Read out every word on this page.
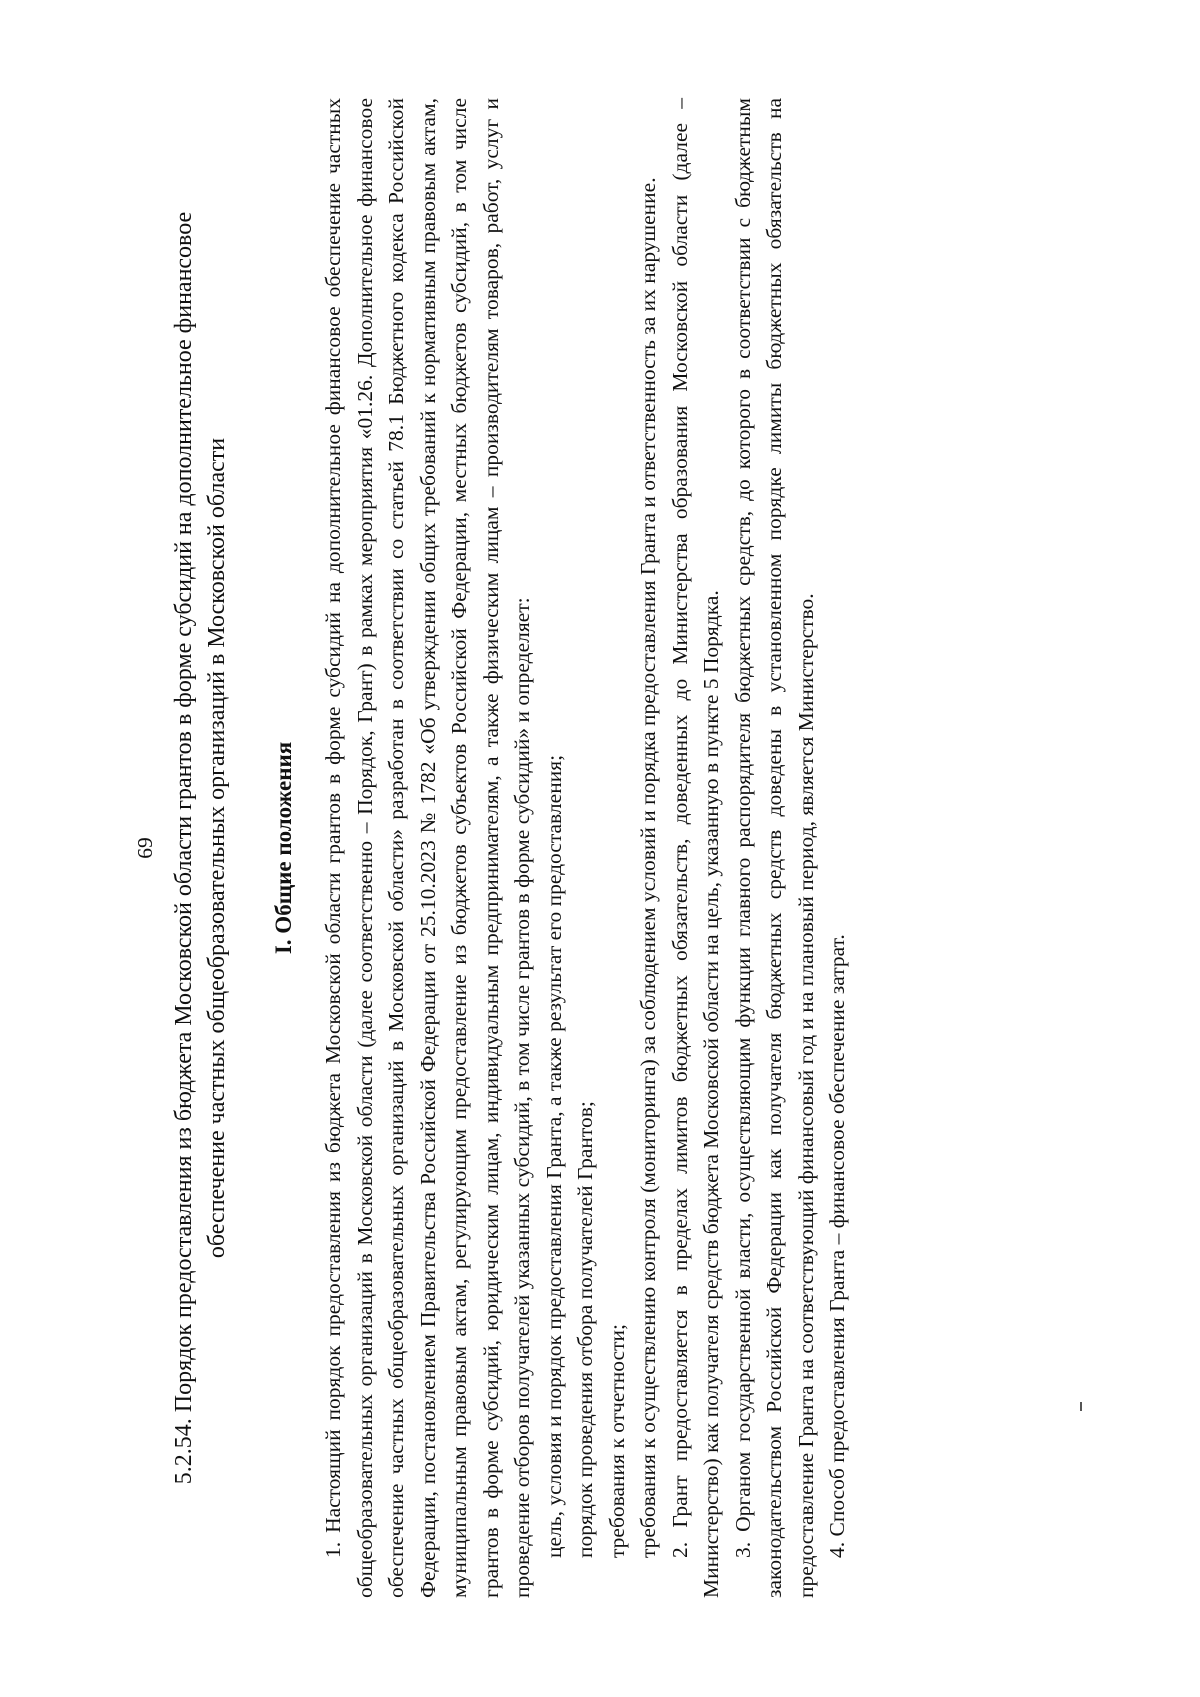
69 5.2.54. Порядок предоставления из бюджета Московской области грантов в форме субсидий на дополнительное финансовое обеспечение частных общеобразовательных организаций в Московской области I. Общие положения 1. Настоящий порядок предоставления из бюджета Московской области грантов в форме субсидий на дополнительное финансовое обеспечение частных общеобразовательных организаций в Московской области (далее соответственно – Порядок, Грант) в рамках мероприятия «01.26. Дополнительное финансовое обеспечение частных общеобразовательных организаций в Московской области» разработан в соответствии со статьей 78.1 Бюджетного кодекса Российской Федерации, постановлением Правительства Российской Федерации от 25.10.2023 № 1782 «Об утверждении общих требований к нормативным правовым актам, муниципальным правовым актам, регулирующим предоставление из бюджетов субъектов Российской Федерации, местных бюджетов субсидий, в том числе грантов в форме субсидий, юридическим лицам, индивидуальным предпринимателям, а также физическим лицам – производителям товаров, работ, услуг и проведение отборов получателей указанных субсидий, в том числе грантов в форме субсидий» и определяет: цель, условия и порядок предоставления Гранта, а также результат его предоставления; порядок проведения отбора получателей Грантов; требования к отчетности; требования к осуществлению контроля (мониторинга) за соблюдением условий и порядка предоставления Гранта и ответственность за их нарушение. 2. Грант предоставляется в пределах лимитов бюджетных обязательств, доведенных до Министерства образования Московской области (далее – Министерство) как получателя средств бюджета Московской области на цель, указанную в пункте 5 Порядка. 3. Органом государственной власти, осуществляющим функции главного распорядителя бюджетных средств, до которого в соответствии с бюджетным законодательством Российской Федерации как получателя бюджетных средств доведены в установленном порядке лимиты бюджетных обязательств на предоставление Гранта на соответствующий финансовый год и на плановый период, является Министерство. 4. Способ предоставления Гранта – финансовое обеспечение затрат.
